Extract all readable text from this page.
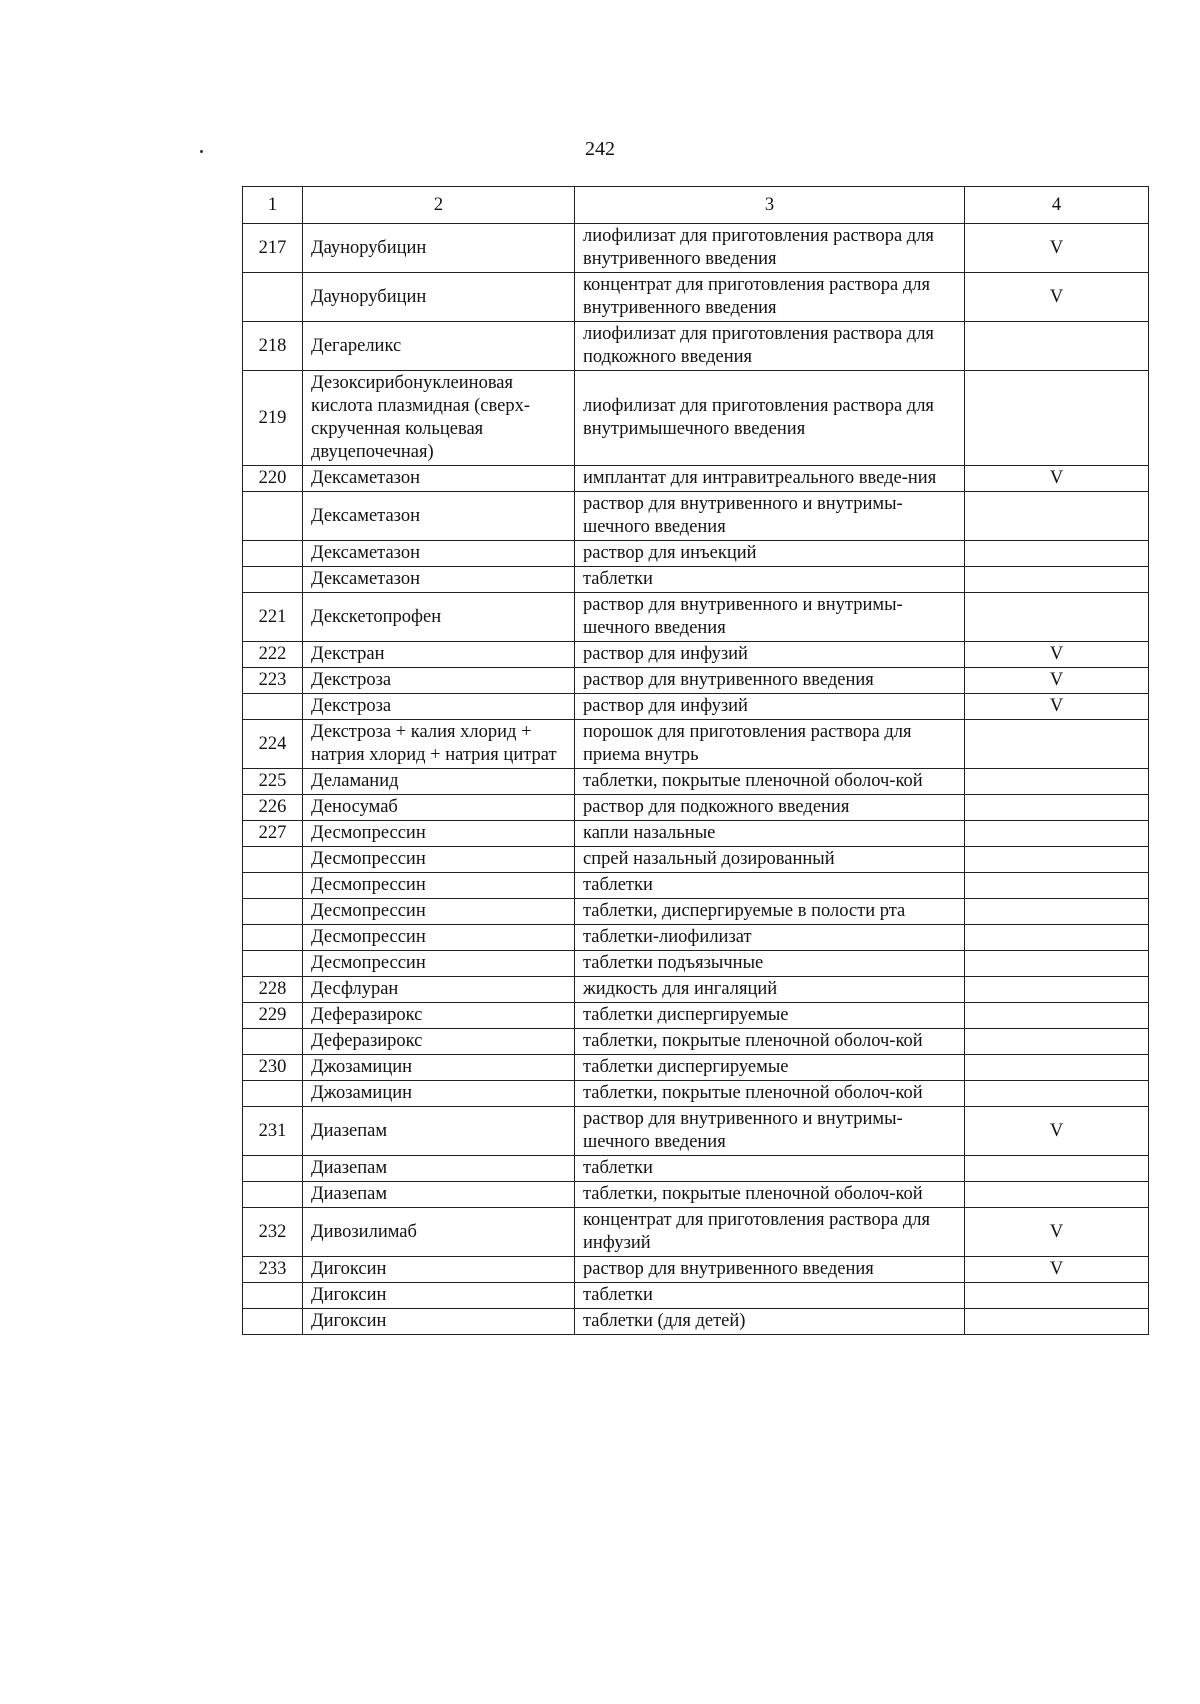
242
1	2	3	4
217	Даунорубицин	лиофилизат для приготовления раствора для внутривенного введения	V
	Даунорубицин	концентрат для приготовления раствора для внутривенного введения	V
218	Дегареликс	лиофилизат для приготовления раствора для подкожного введения	
219	Дезоксирибонуклеиновая кислота плазмидная (сверх-скрученная кольцевая двуцепочечная)	лиофилизат для приготовления раствора для внутримышечного введения	
220	Дексаметазон	имплантат для интравитреального введе-ния	V
	Дексаметазон	раствор для внутривенного и внутримы-шечного введения	
	Дексаметазон	раствор для инъекций	
	Дексаметазон	таблетки	
221	Декскетопрофен	раствор для внутривенного и внутримы-шечного введения	
222	Декстран	раствор для инфузий	V
223	Декстроза	раствор для внутривенного введения	V
	Декстроза	раствор для инфузий	V
224	Декстроза + калия хлорид + натрия хлорид + натрия цитрат	порошок для приготовления раствора для приема внутрь	
225	Деламанид	таблетки, покрытые пленочной оболоч-кой	
226	Деносумаб	раствор для подкожного введения	
227	Десмопрессин	капли назальные	
	Десмопрессин	спрей назальный дозированный	
	Десмопрессин	таблетки	
	Десмопрессин	таблетки, диспергируемые в полости рта	
	Десмопрессин	таблетки-лиофилизат	
	Десмопрессин	таблетки подъязычные	
228	Десфлуран	жидкость для ингаляций	
229	Деферазирокс	таблетки диспергируемые	
	Деферазирокс	таблетки, покрытые пленочной оболоч-кой	
230	Джозамицин	таблетки диспергируемые	
	Джозамицин	таблетки, покрытые пленочной оболоч-кой	
231	Диазепам	раствор для внутривенного и внутримы-шечного введения	V
	Диазепам	таблетки	
	Диазепам	таблетки, покрытые пленочной оболоч-кой	
232	Дивозилимаб	концентрат для приготовления раствора для инфузий	V
233	Дигоксин	раствор для внутривенного введения	V
	Дигоксин	таблетки	
	Дигоксин	таблетки (для детей)	
